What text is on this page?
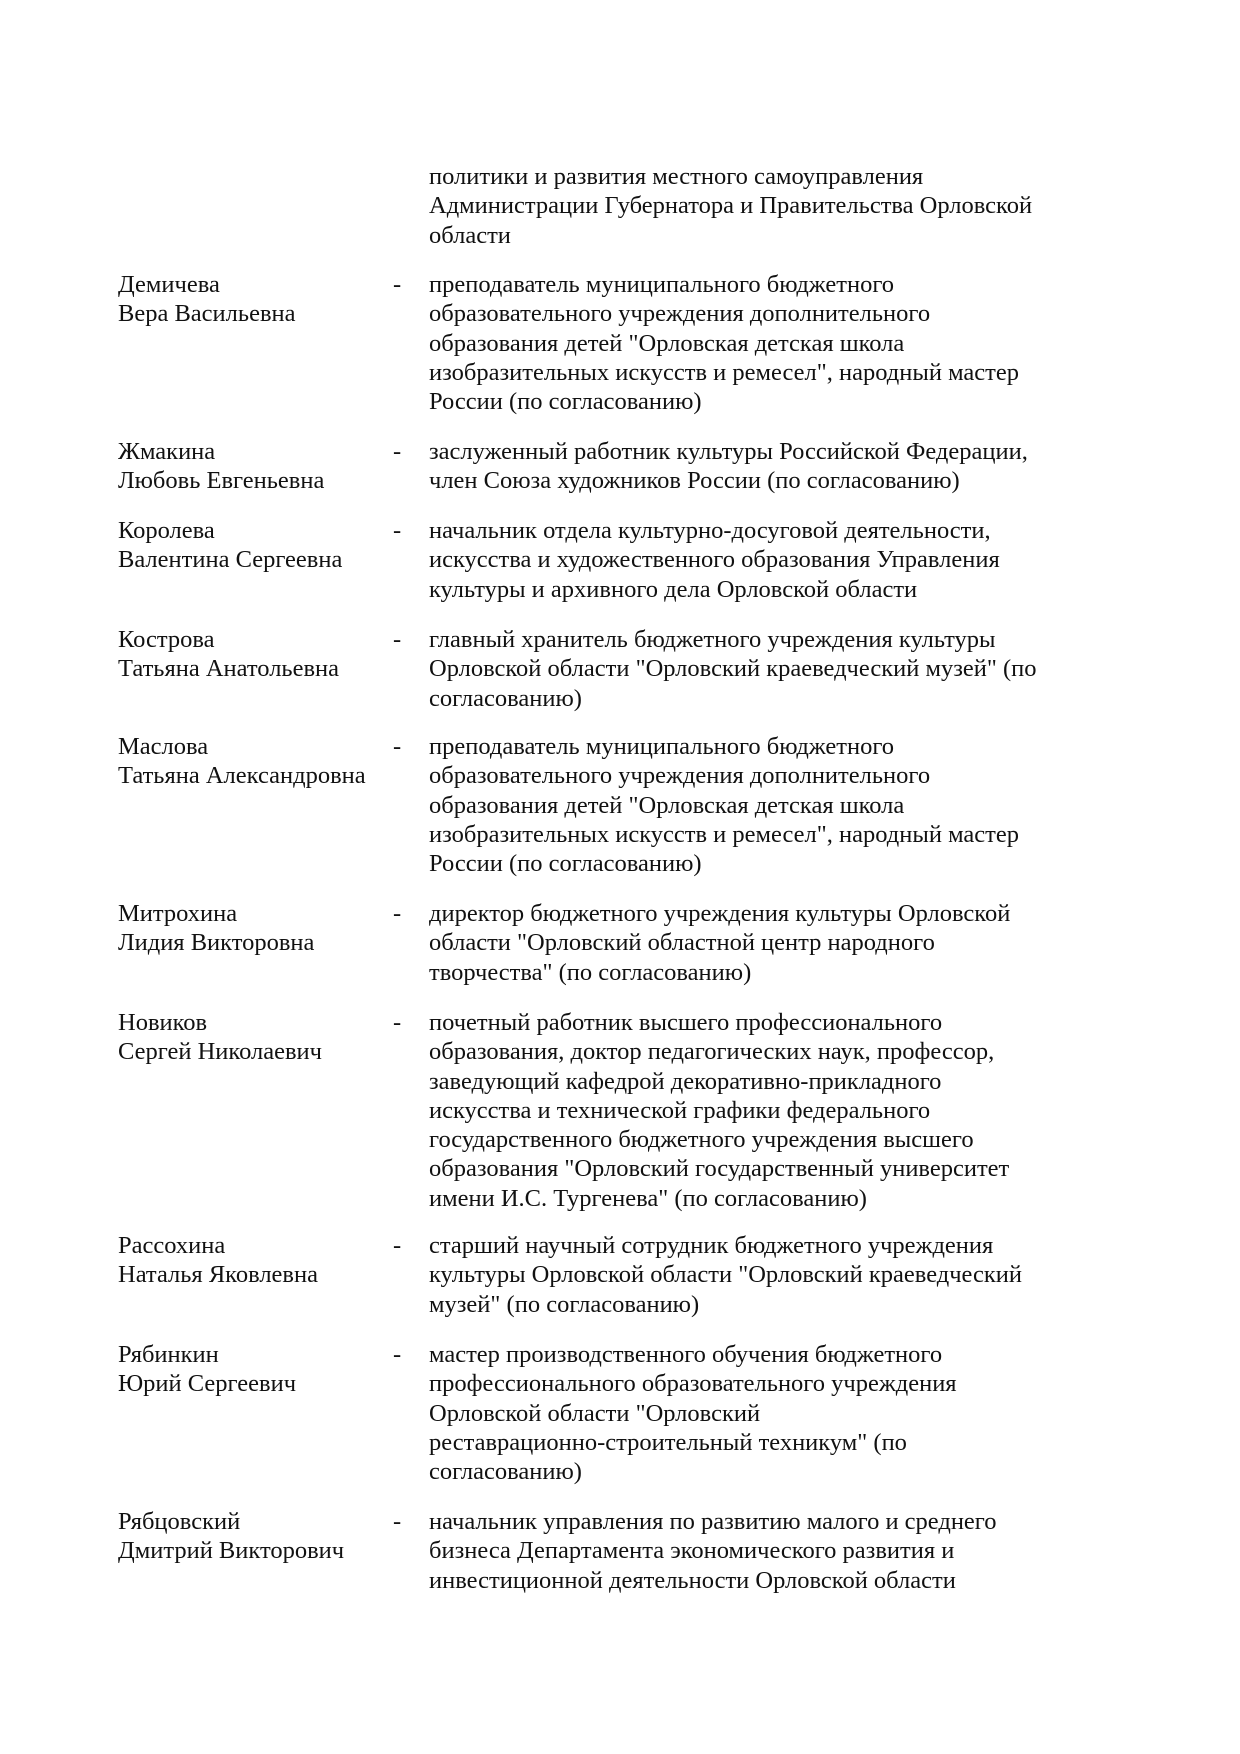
политики и развития местного самоуправления
Администрации Губернатора и Правительства Орловской
области
Демичева
Вера Васильевна
- преподаватель муниципального бюджетного
образовательного учреждения дополнительного
образования детей "Орловская детская школа
изобразительных искусств и ремесел", народный мастер
России (по согласованию)
Жмакина
Любовь Евгеньевна
- заслуженный работник культуры Российской Федерации,
член Союза художников России (по согласованию)
Королева
Валентина Сергеевна
- начальник отдела культурно-досуговой деятельности,
искусства и художественного образования Управления
культуры и архивного дела Орловской области
Кострова
Татьяна Анатольевна
- главный хранитель бюджетного учреждения культуры
Орловской области "Орловский краеведческий музей" (по
согласованию)
Маслова
Татьяна Александровна
- преподаватель муниципального бюджетного
образовательного учреждения дополнительного
образования детей "Орловская детская школа
изобразительных искусств и ремесел", народный мастер
России (по согласованию)
Митрохина
Лидия Викторовна
- директор бюджетного учреждения культуры Орловской
области "Орловский областной центр народного
творчества" (по согласованию)
Новиков
Сергей Николаевич
- почетный работник высшего профессионального
образования, доктор педагогических наук, профессор,
заведующий кафедрой декоративно-прикладного
искусства и технической графики федерального
государственного бюджетного учреждения высшего
образования "Орловский государственный университет
имени И.С. Тургенева" (по согласованию)
Рассохина
Наталья Яковлевна
- старший научный сотрудник бюджетного учреждения
культуры Орловской области "Орловский краеведческий
музей" (по согласованию)
Рябинкин
Юрий Сергеевич
- мастер производственного обучения бюджетного
профессионального образовательного учреждения
Орловской области "Орловский
реставрационно-строительный техникум" (по
согласованию)
Рябцовский
Дмитрий Викторович
- начальник управления по развитию малого и среднего
бизнеса Департамента экономического развития и
инвестиционной деятельности Орловской области
